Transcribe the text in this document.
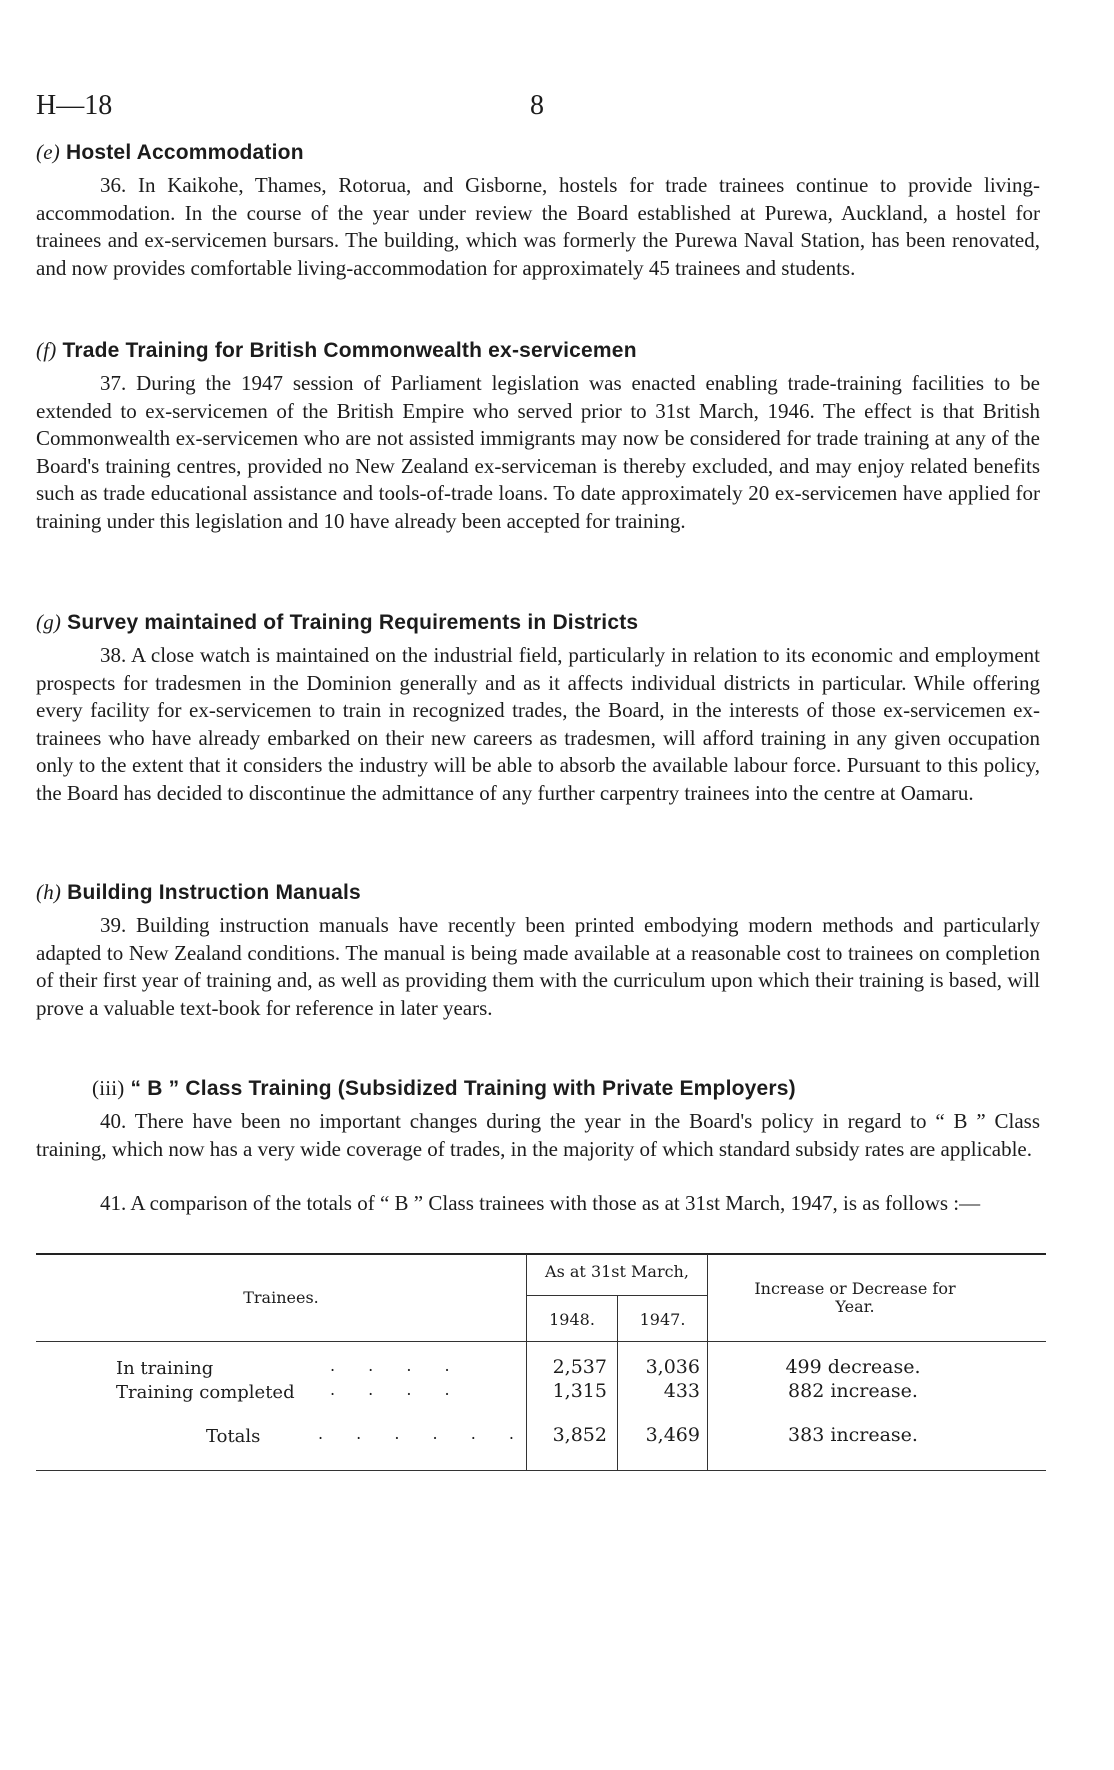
H—18	8
(e) Hostel Accommodation

36. In Kaikohe, Thames, Rotorua, and Gisborne, hostels for trade trainees continue to provide living-accommodation. In the course of the year under review the Board established at Purewa, Auckland, a hostel for trainees and ex-servicemen bursars. The building, which was formerly the Purewa Naval Station, has been renovated, and now provides comfortable living-accommodation for approximately 45 trainees and students.

(f) Trade Training for British Commonwealth ex-servicemen

37. During the 1947 session of Parliament legislation was enacted enabling trade-training facilities to be extended to ex-servicemen of the British Empire who served prior to 31st March, 1946. The effect is that British Commonwealth ex-servicemen who are not assisted immigrants may now be considered for trade training at any of the Board's training centres, provided no New Zealand ex-serviceman is thereby excluded, and may enjoy related benefits such as trade educational assistance and tools-of-trade loans. To date approximately 20 ex-servicemen have applied for training under this legislation and 10 have already been accepted for training.

(g) Survey maintained of Training Requirements in Districts

38. A close watch is maintained on the industrial field, particularly in relation to its economic and employment prospects for tradesmen in the Dominion generally and as it affects individual districts in particular. While offering every facility for ex-servicemen to train in recognized trades, the Board, in the interests of those ex-servicemen ex-trainees who have already embarked on their new careers as tradesmen, will afford training in any given occupation only to the extent that it considers the industry will be able to absorb the available labour force. Pursuant to this policy, the Board has decided to discontinue the admittance of any further carpentry trainees into the centre at Oamaru.

(h) Building Instruction Manuals

39. Building instruction manuals have recently been printed embodying modern methods and particularly adapted to New Zealand conditions. The manual is being made available at a reasonable cost to trainees on completion of their first year of training and, as well as providing them with the curriculum upon which their training is based, will prove a valuable text-book for reference in later years.

(iii) “ B ” Class Training (Subsidized Training with Private Employers)

40. There have been no important changes during the year in the Board's policy in regard to “ B ” Class training, which now has a very wide coverage of trades, in the majority of which standard subsidy rates are applicable.

41. A comparison of the totals of “ B ” Class trainees with those as at 31st March, 1947, is as follows :—

Trainees.
As at 31st March,
1948.	1947.
Increase or Decrease for Year.
In training	. . . .	2,537	3,036	499 decrease.
Training completed . . . .	1,315	433	882 increase.
Totals	. . . . . .	3,852	3,469	383 increase.
